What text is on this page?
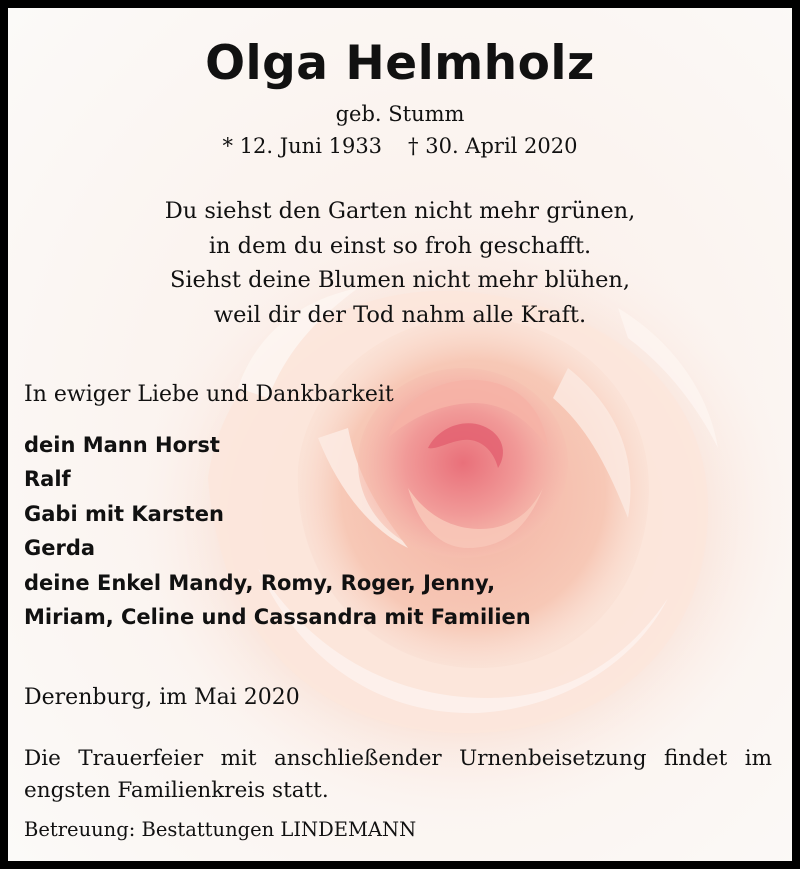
Olga Helmholz
geb. Stumm
* 12. Juni 1933 † 30. April 2020
Du siehst den Garten nicht mehr grünen,
in dem du einst so froh geschafft.
Siehst deine Blumen nicht mehr blühen,
weil dir der Tod nahm alle Kraft.
In ewiger Liebe und Dankbarkeit
dein Mann Horst
Ralf
Gabi mit Karsten
Gerda
deine Enkel Mandy, Romy, Roger, Jenny,
Miriam, Celine und Cassandra mit Familien
Derenburg, im Mai 2020
Die Trauerfeier mit anschließender Urnenbeisetzung findet im engsten Familienkreis statt.
Betreuung: Bestattungen LINDEMANN
